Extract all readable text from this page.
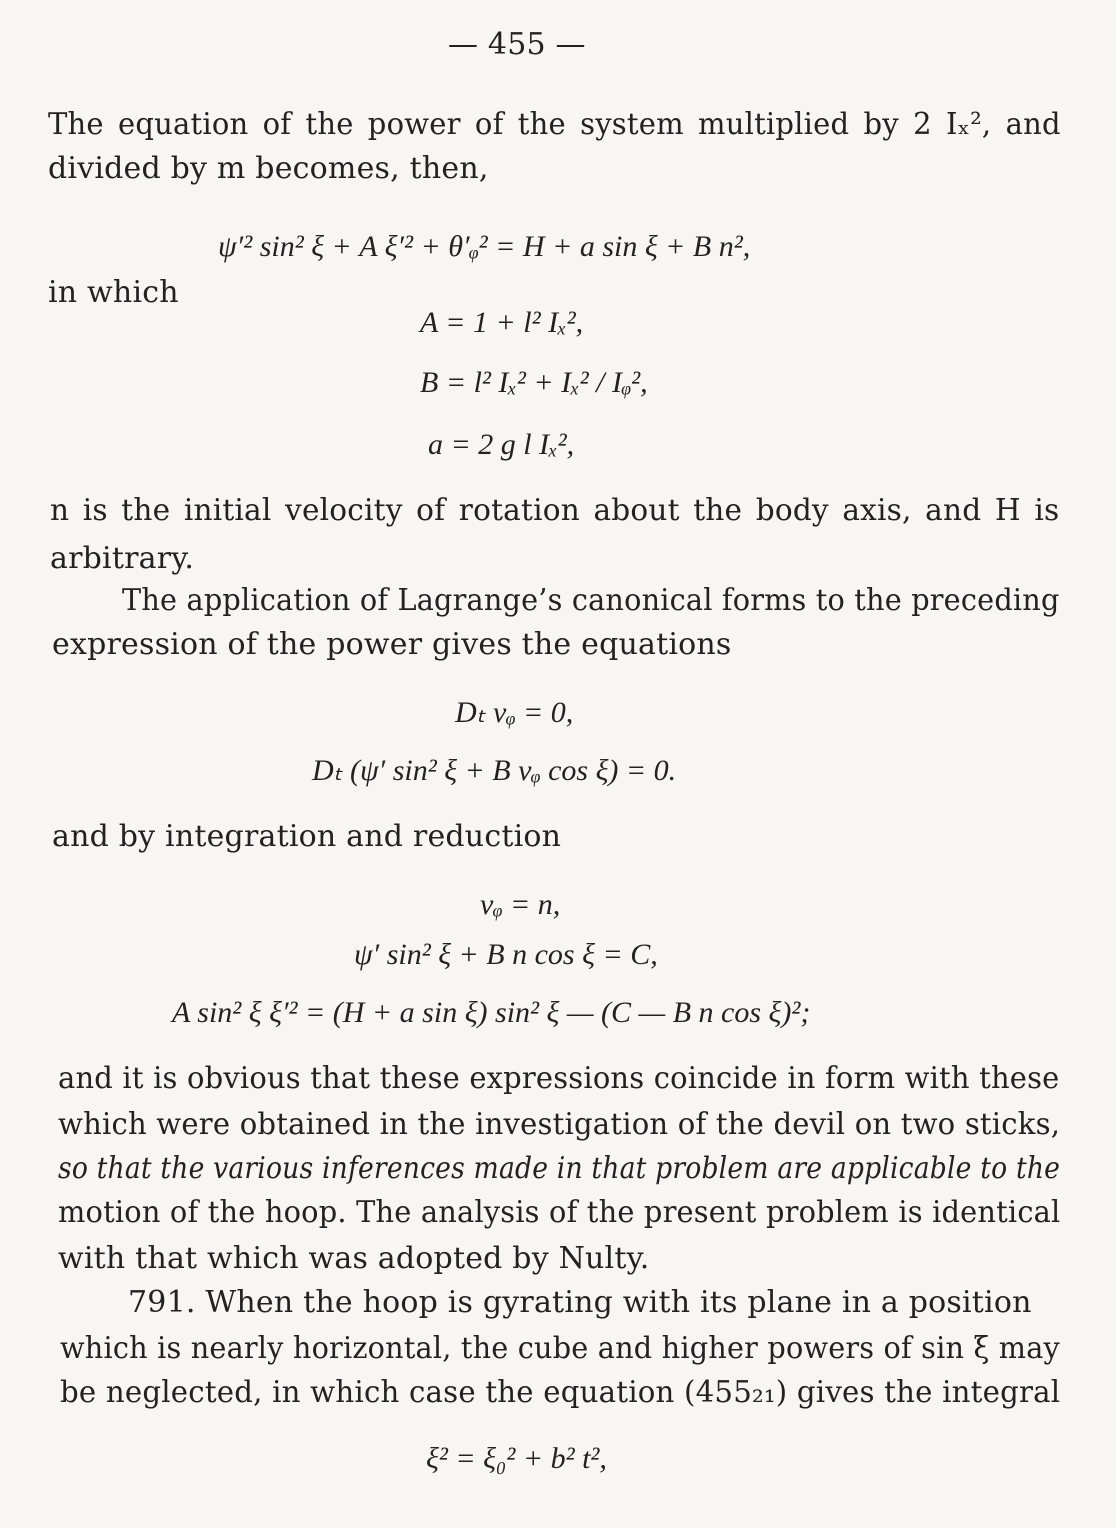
— 455 —
The equation of the power of the system multiplied by 2 Iₓ², and
divided by m becomes, then,
ψ′² sin² ξ + A ξ′² + θ′ᵩ² = H + a sin ξ + B n²,
in which
A = 1 + l² Iₓ²,
B = l² Iₓ² + Iₓ² / Iᵩ²,
a = 2 g l Iₓ²,
n is the initial velocity of rotation about the body axis, and H is
arbitrary.
The application of Lagrange’s canonical forms to the preceding
expression of the power gives the equations
Dₜ vᵩ = 0,
Dₜ (ψ′ sin² ξ + B vᵩ cos ξ) = 0.
and by integration and reduction
vᵩ = n,
ψ′ sin² ξ + B n cos ξ = C,
A sin² ξ ξ′² = (H + a sin ξ) sin² ξ — (C — B n cos ξ)²;
and it is obvious that these expressions coincide in form with these
which were obtained in the investigation of the devil on two sticks,
so that the various inferences made in that problem are applicable to the
motion of the hoop. The analysis of the present problem is identical
with that which was adopted by Nulty.
791. When the hoop is gyrating with its plane in a position
which is nearly horizontal, the cube and higher powers of sin ξ may
be neglected, in which case the equation (455₂₁) gives the integral
ξ² = ξ₀² + b² t²,
